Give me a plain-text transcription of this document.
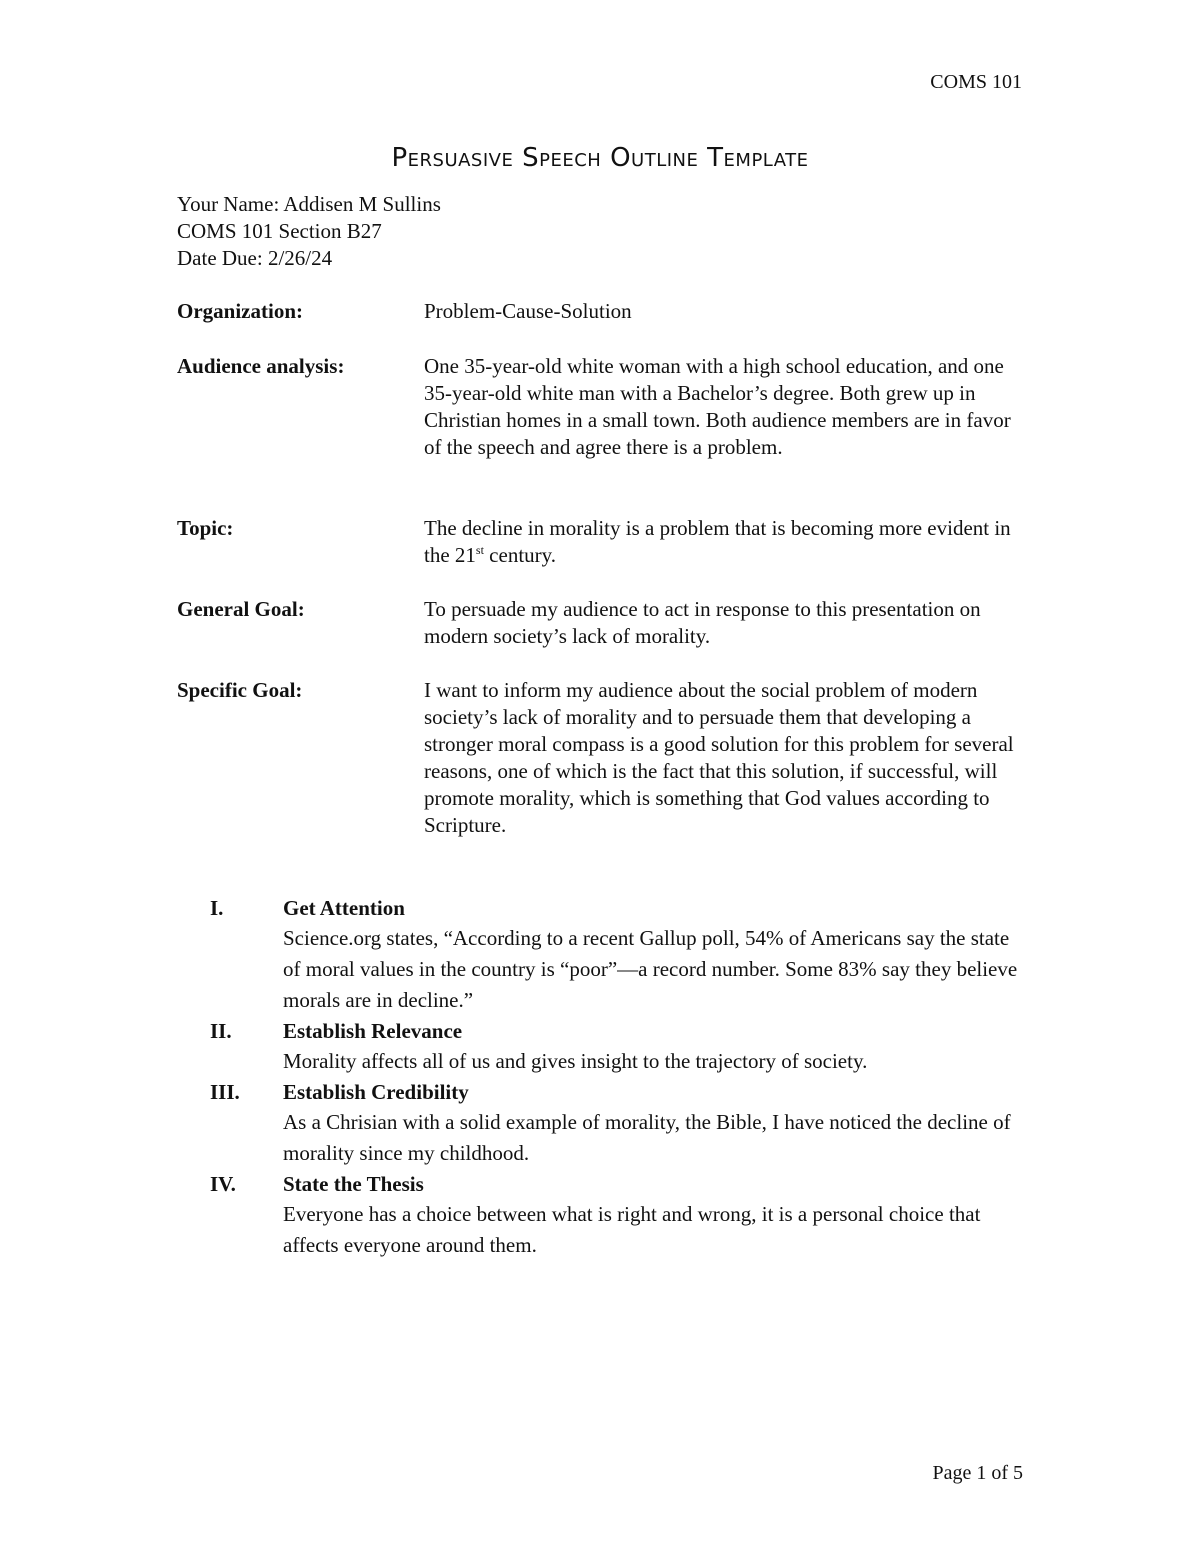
COMS 101
Persuasive Speech Outline Template
Your Name: Addisen M Sullins
COMS 101 Section B27
Date Due: 2/26/24
Organization:	Problem-Cause-Solution
Audience analysis:	One 35-year-old white woman with a high school education, and one 35-year-old white man with a Bachelor’s degree. Both grew up in Christian homes in a small town. Both audience members are in favor of the speech and agree there is a problem.
Topic:	The decline in morality is a problem that is becoming more evident in the 21st century.
General Goal:	To persuade my audience to act in response to this presentation on modern society’s lack of morality.
Specific Goal:	I want to inform my audience about the social problem of modern society’s lack of morality and to persuade them that developing a stronger moral compass is a good solution for this problem for several reasons, one of which is the fact that this solution, if successful, will promote morality, which is something that God values according to Scripture.
I.	Get Attention
Science.org states, “According to a recent Gallup poll, 54% of Americans say the state of moral values in the country is “poor”—a record number. Some 83% say they believe morals are in decline.”
II. Establish Relevance
Morality affects all of us and gives insight to the trajectory of society.
III. Establish Credibility
As a Chrisian with a solid example of morality, the Bible, I have noticed the decline of morality since my childhood.
IV. State the Thesis
Everyone has a choice between what is right and wrong, it is a personal choice that affects everyone around them.
Page 1 of 5
